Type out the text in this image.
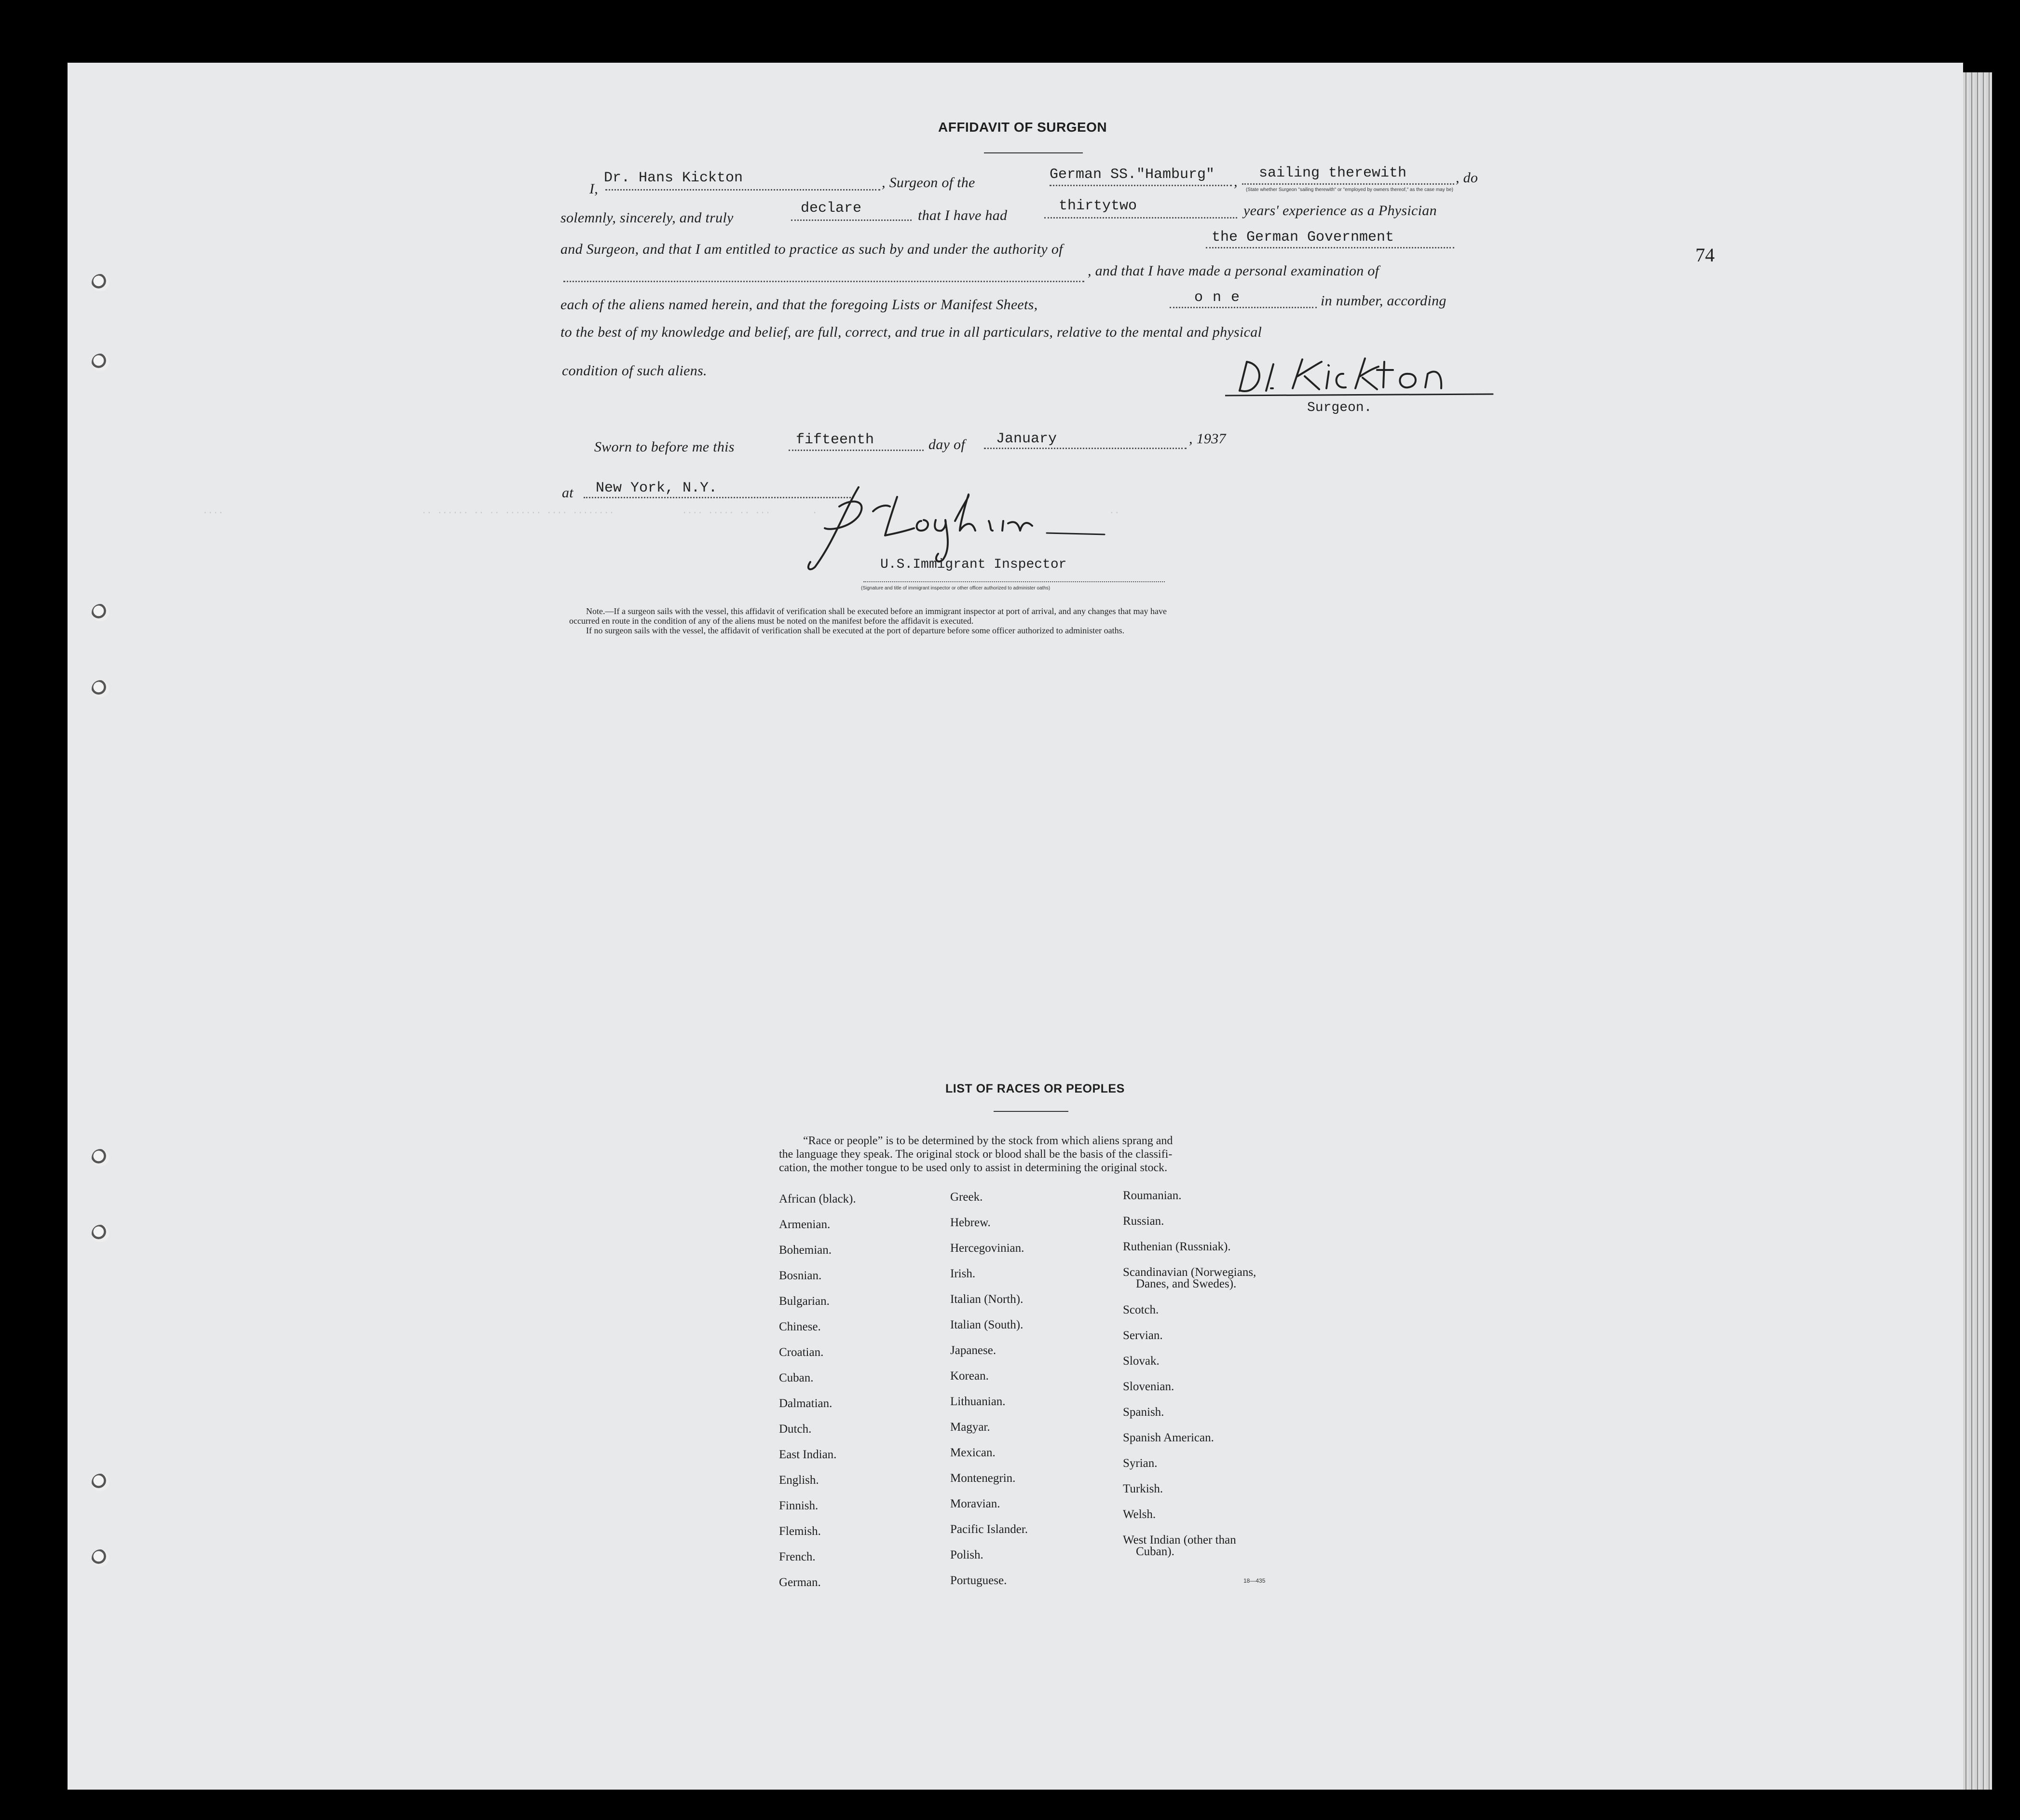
74
AFFIDAVIT OF SURGEON
I,
Dr. Hans Kickton	, Surgeon of the	German SS."Hamburg" ,
sailing therewith	, do
(State whether Surgeon "sailing therewith" or "employed by owners thereof," as the case may be)
solemnly, sincerely, and truly
declare	that I have had
thirtytwo	years' experience as a Physician
and Surgeon, and that I am entitled to practice as such by and under the authority of
the German Government
, and that I have made a personal examination of
each of the aliens named herein, and that the foregoing Lists or Manifest Sheets,	one	in number, according
to the best of my knowledge and belief, are full, correct, and true in all particulars, relative to the mental and physical
condition of such aliens.
Surgeon.
Sworn to before me this	fifteenth	day of January	, 1937
at New York, N.Y.
....                                      .. ...... .. .. ....... .... ........             .... ..... .. ...        .                                                        ..
U.S.Immigrant Inspector
(Signature and title of immigrant inspector or other officer authorized to administer oaths)
Note.—If a surgeon sails with the vessel, this affidavit of verification shall be executed before an immigrant inspector at port of arrival, and any changes that may have
occurred en route in the condition of any of the aliens must be noted on the manifest before the affidavit is executed.
If no surgeon sails with the vessel, the affidavit of verification shall be executed at the port of departure before some officer authorized to administer oaths.
LIST OF RACES OR PEOPLES
“Race or people” is to be determined by the stock from which aliens sprang and
the language they speak. The original stock or blood shall be the basis of the classifi-
cation, the mother tongue to be used only to assist in determining the original stock.
African (black).
Armenian.
Bohemian.
Bosnian.
Bulgarian.
Chinese.
Croatian.
Cuban.
Dalmatian.
Dutch.
East Indian.
English.
Finnish.
Flemish.
French.
German.
Greek.
Hebrew.
Hercegovinian.
Irish.
Italian (North).
Italian (South).
Japanese.
Korean.
Lithuanian.
Magyar.
Mexican.
Montenegrin.
Moravian.
Pacific Islander.
Polish.
Portuguese.
Roumanian.
Russian.
Ruthenian (Russniak).
Scandinavian (Norwegians,
Danes, and Swedes).
Scotch.
Servian.
Slovak.
Slovenian.
Spanish.
Spanish American.
Syrian.
Turkish.
Welsh.
West Indian (other than
Cuban).
18—435
